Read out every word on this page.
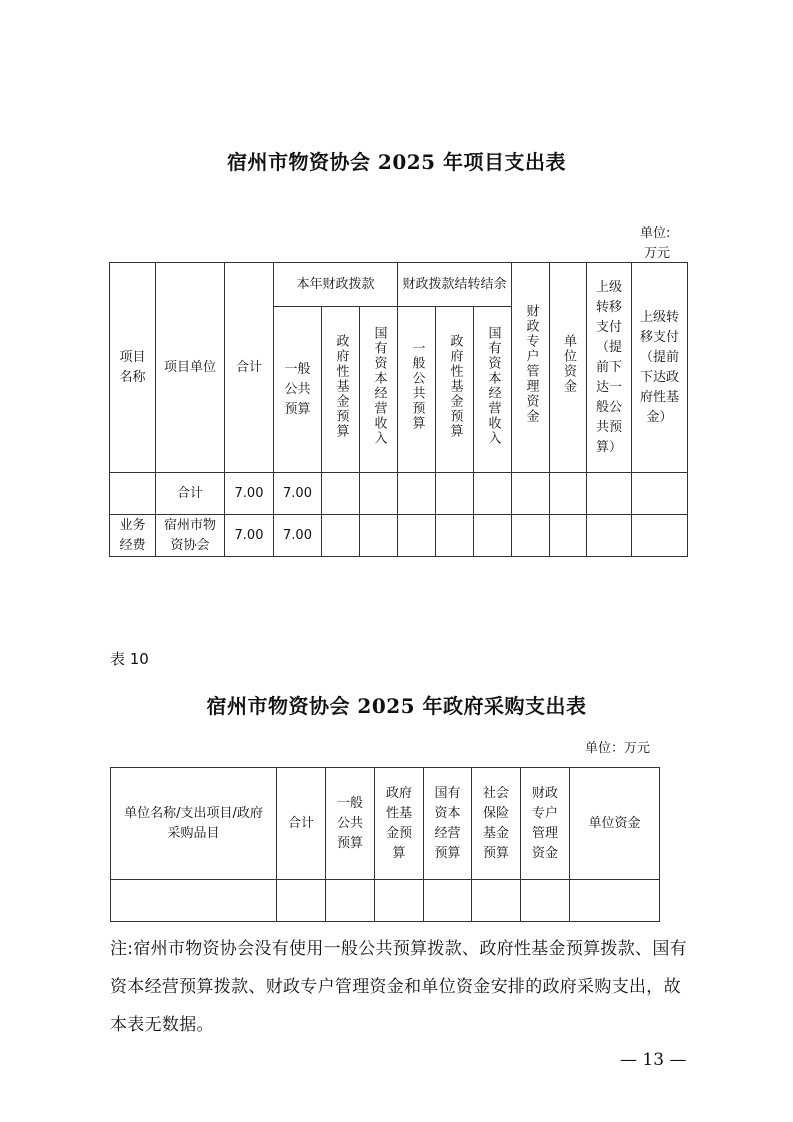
宿州市物资协会 2025 年项目支出表
单位:
万元
项目名称	项目单位	合计	本年财政拨款			财政拨款结转结余			财政专户管理资金	单位资金	上级转移支付（提前下达一般公共预算）	上级转移支付（提前下达政府性基金）
			一般公共预算	政府性基金预算	国有资本经营收入	一般公共预算	政府性基金预算	国有资本经营收入				
	合计	7.00	7.00									
业务经费	宿州市物资协会	7.00	7.00									
表 10
宿州市物资协会 2025 年政府采购支出表
单位：万元
单位名称/支出项目/政府采购品目	合计	一般公共预算	政府性基金预算	国有资本经营预算	社会保险基金预算	财政专户管理资金	单位资金

注:宿州市物资协会没有使用一般公共预算拨款、政府性基金预算拨款、国有资本经营预算拨款、财政专户管理资金和单位资金安排的政府采购支出，故本表无数据。
— 13 —
